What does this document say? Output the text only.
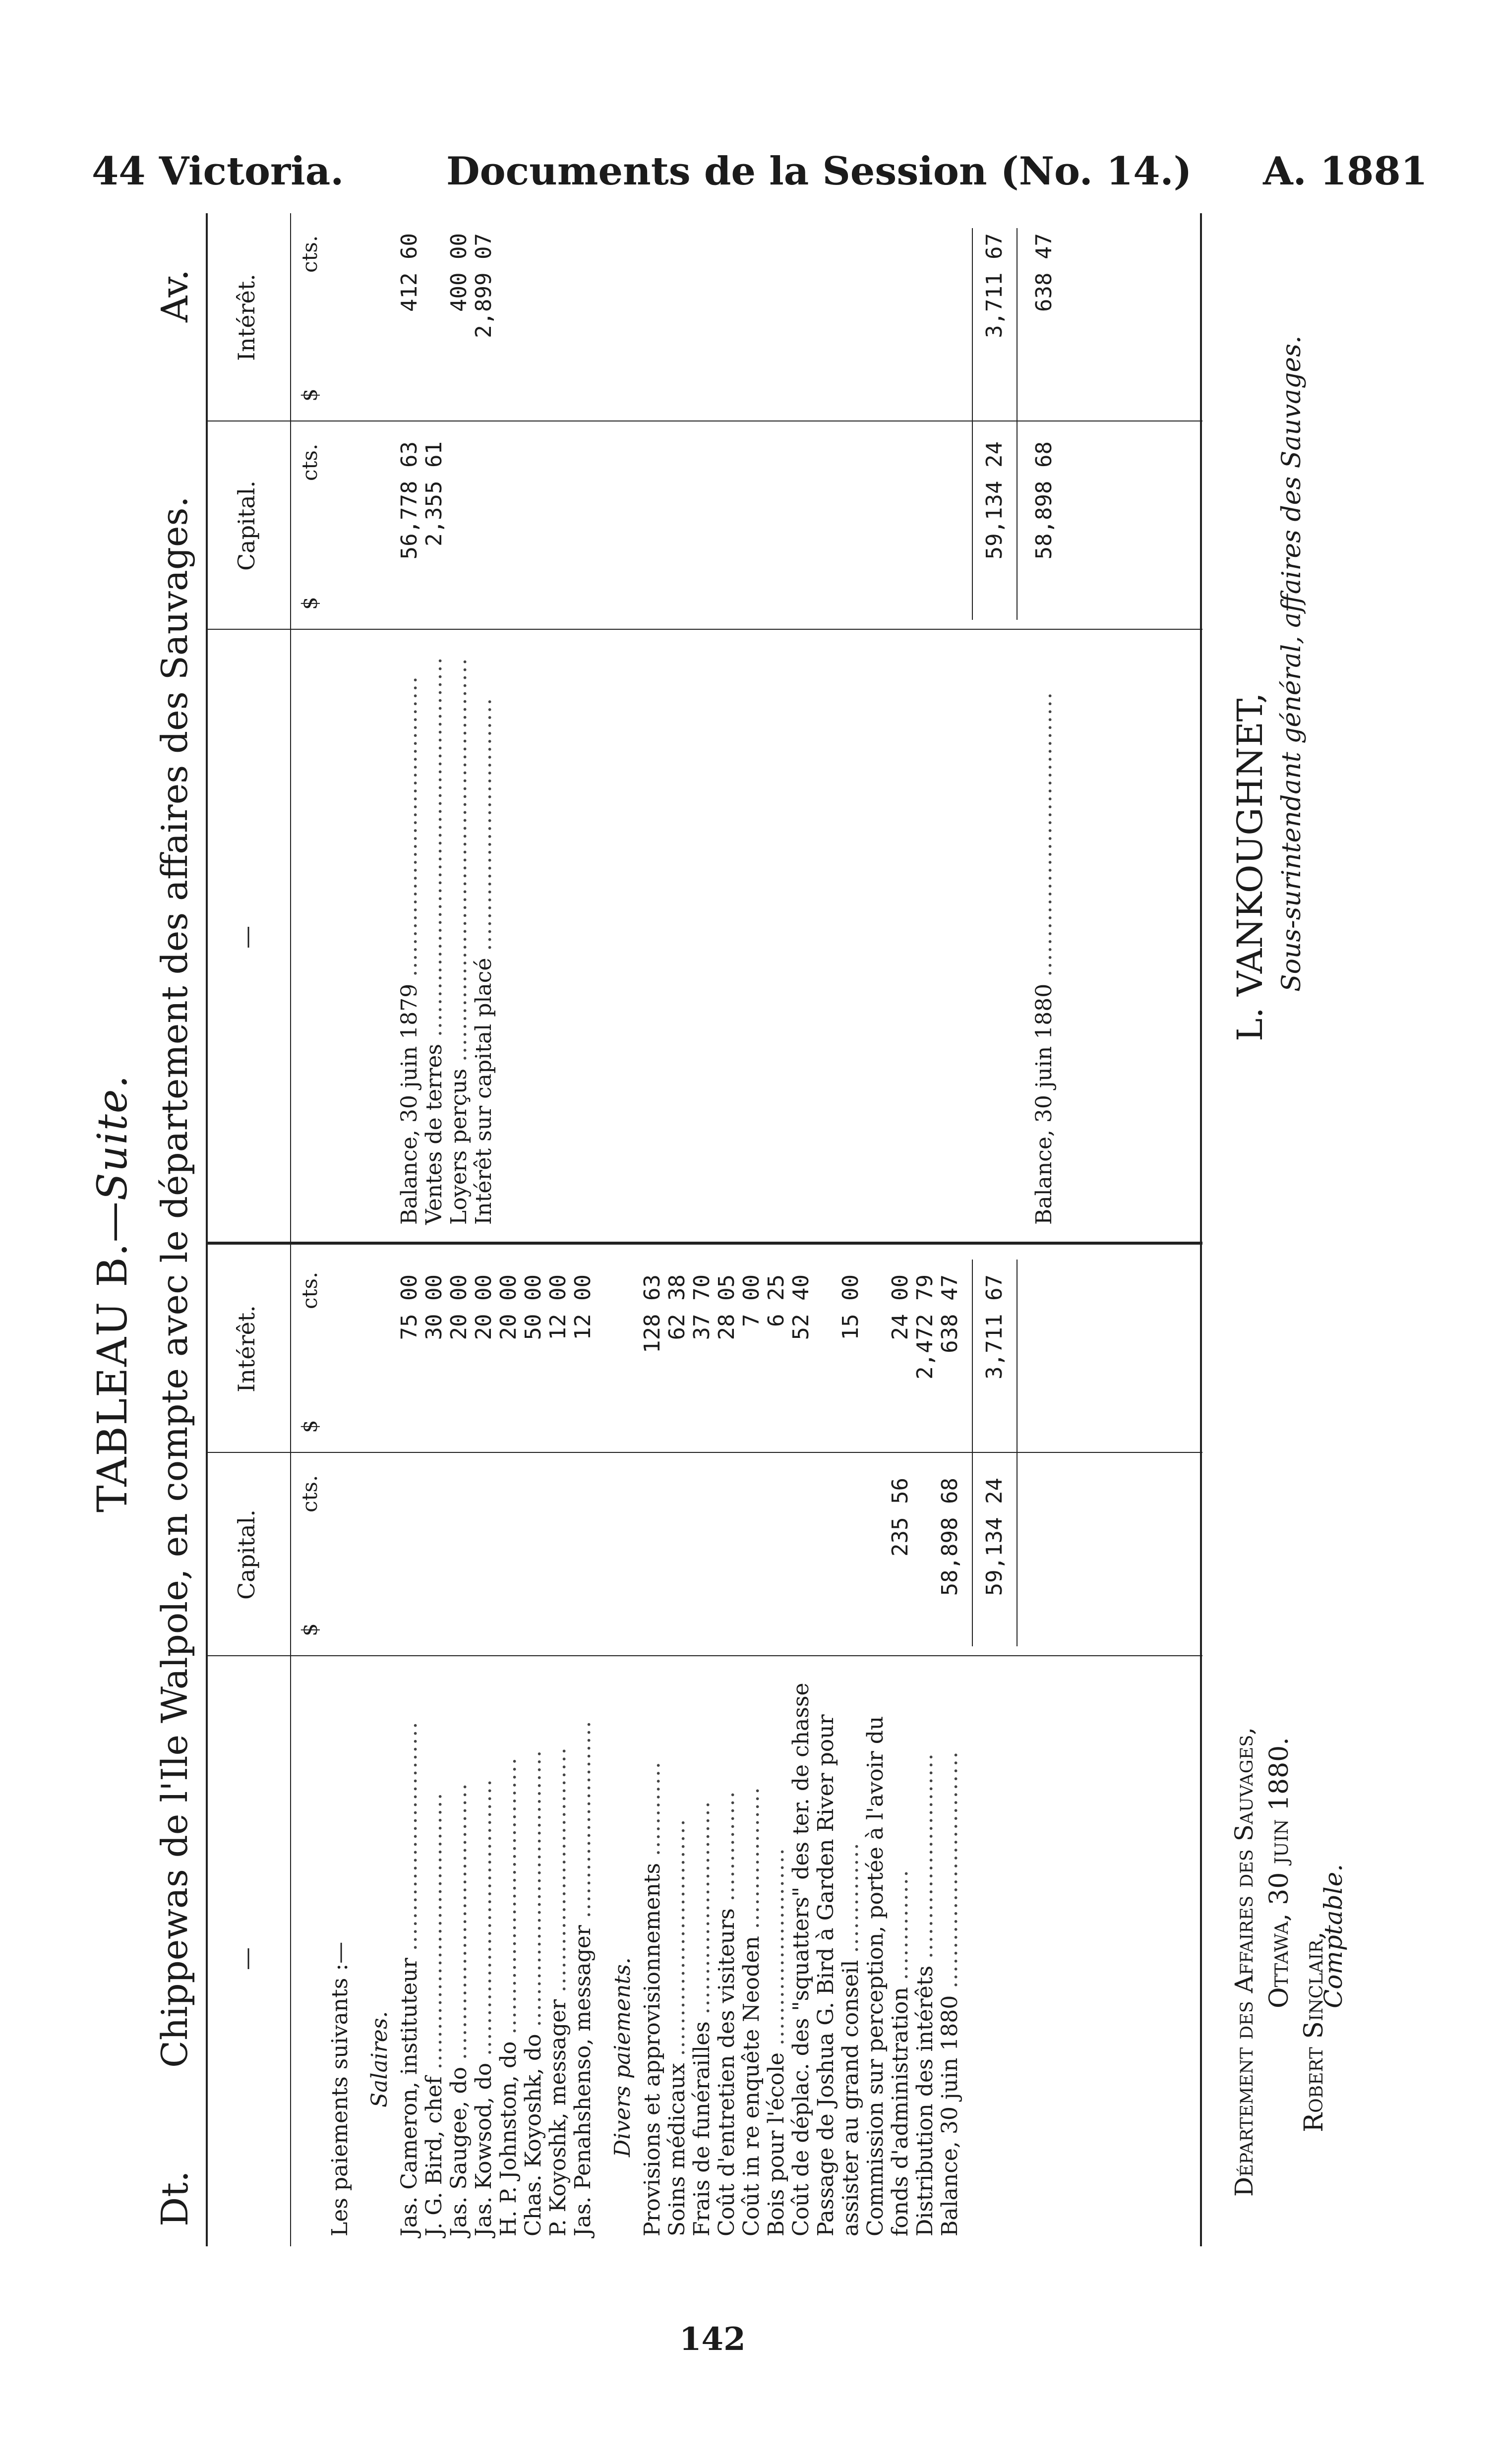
44 Victoria.	Documents de la Session (No. 14.) A. 1881
TABLEAU B.—Suite.
Dt.
Chippewas de l'Ile Walpole, en compte avec le département des affaires des Sauvages.
Av.
—
Capital.
Intérêt.
$
cts.
$
cts.
—
Capital.
Intérêt.
$
cts.
$
cts.
Les paiements suivants :— Salaires. Jas. Cameron, instituteur .............................
75 00
J. G. Bird, chef ...................................
30 00
Jas. Saugee, do ...................................
20 00
Jas. Kowsod, do ...................................
20 00
H. P. Johnston, do ...................................
20 00
Chas. Koyoshk, do ...................................
50 00
P. Koyoshk, messager ...............................
12 00
Jas. Penahshenso, messager .........................
12 00
Divers paiements. Provisions et approvisionnements ............
128 63
Soins médicaux ..............................
62 38
Frais de funérailles ...........................
37 70
Coût d'entretien des visiteurs ..............
28 05
Coût in re enquête Neoden ..................
7 00
Bois pour l'école .........................
6 25
Coût de déplac. des "squatters" des ter. de chasse
52 40
Passage de Joshua G. Bird à Garden River pour assister au grand conseil ..............
15 00
Commission sur perception, portée à l'avoir du fonds d'administration ..............
235 56
24 00
Distribution des intérêts ..........................
2,472 79
Balance, 30 juin 1880 ..............................
58,898 68
638 47
59,134 24
3,711 67
Balance, 30 juin 1879 ......................................
56,778 63
412 60
Ventes de terres ................................................
2,355 61
Loyers perçus ...................................................
400 00
Intérêt sur capital placé ................................
2,899 07
59,134 24
3,711 67
Balance, 30 juin 1880 ....................................
58,898 68
638 47
Département des Affaires des Sauvages, Ottawa, 30 juin 1880.
Robert Sinclair,
Comptable.
L. VANKOUGHNET, Sous-surintendant général, affaires des Sauvages.
142
